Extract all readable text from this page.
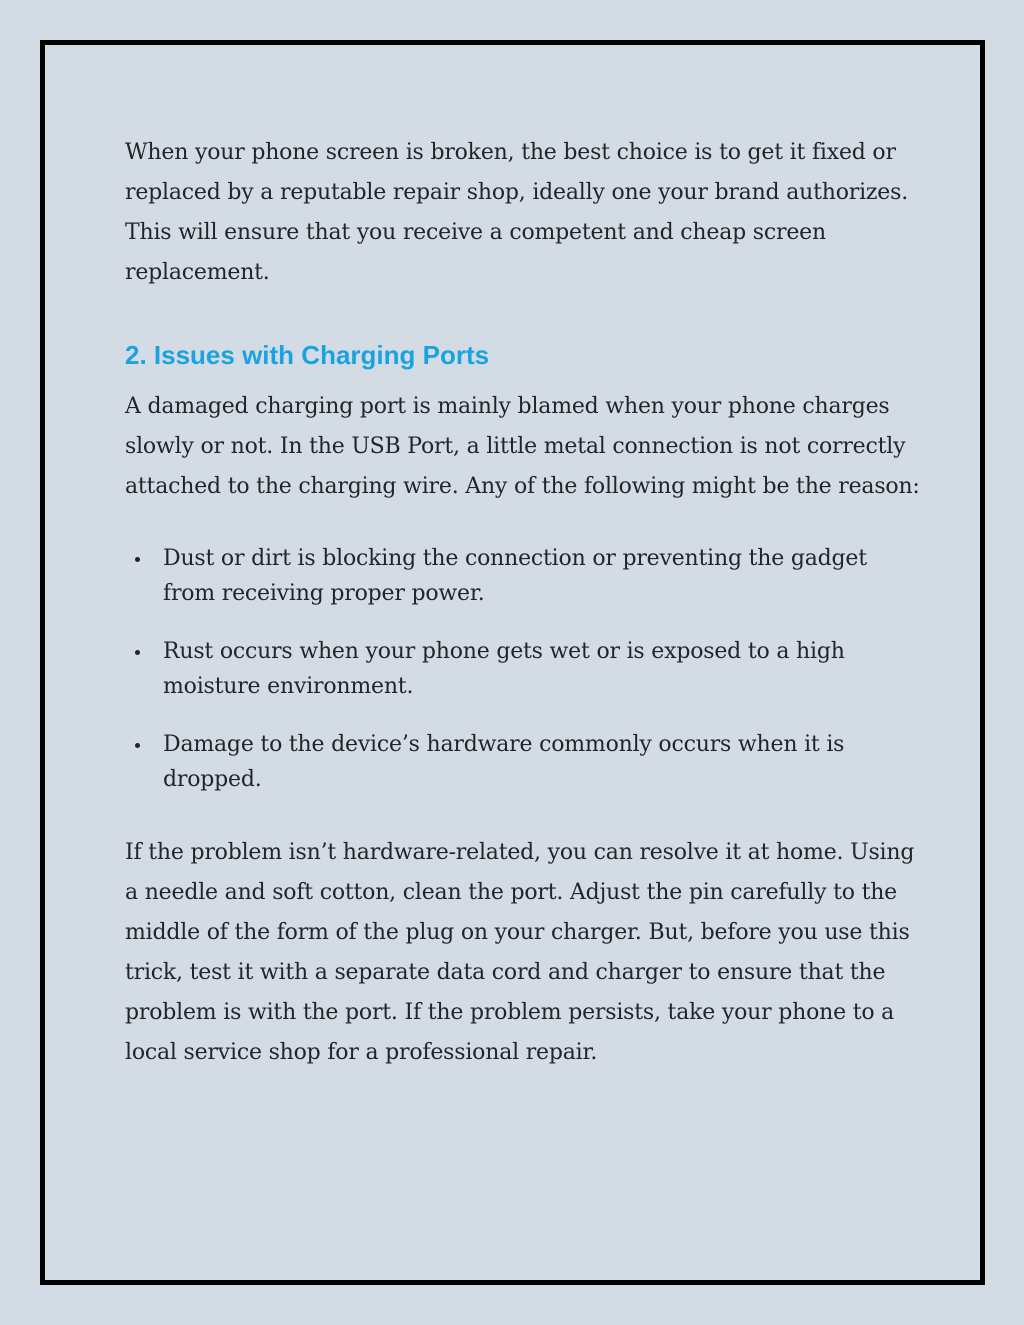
When your phone screen is broken, the best choice is to get it fixed or replaced by a reputable repair shop, ideally one your brand authorizes. This will ensure that you receive a competent and cheap screen replacement.

2. Issues with Charging Ports

A damaged charging port is mainly blamed when your phone charges slowly or not. In the USB Port, a little metal connection is not correctly attached to the charging wire. Any of the following might be the reason:

Dust or dirt is blocking the connection or preventing the gadget from receiving proper power.
Rust occurs when your phone gets wet or is exposed to a high moisture environment.
Damage to the device’s hardware commonly occurs when it is dropped.

If the problem isn’t hardware-related, you can resolve it at home. Using a needle and soft cotton, clean the port. Adjust the pin carefully to the middle of the form of the plug on your charger. But, before you use this trick, test it with a separate data cord and charger to ensure that the problem is with the port. If the problem persists, take your phone to a local service shop for a professional repair.
